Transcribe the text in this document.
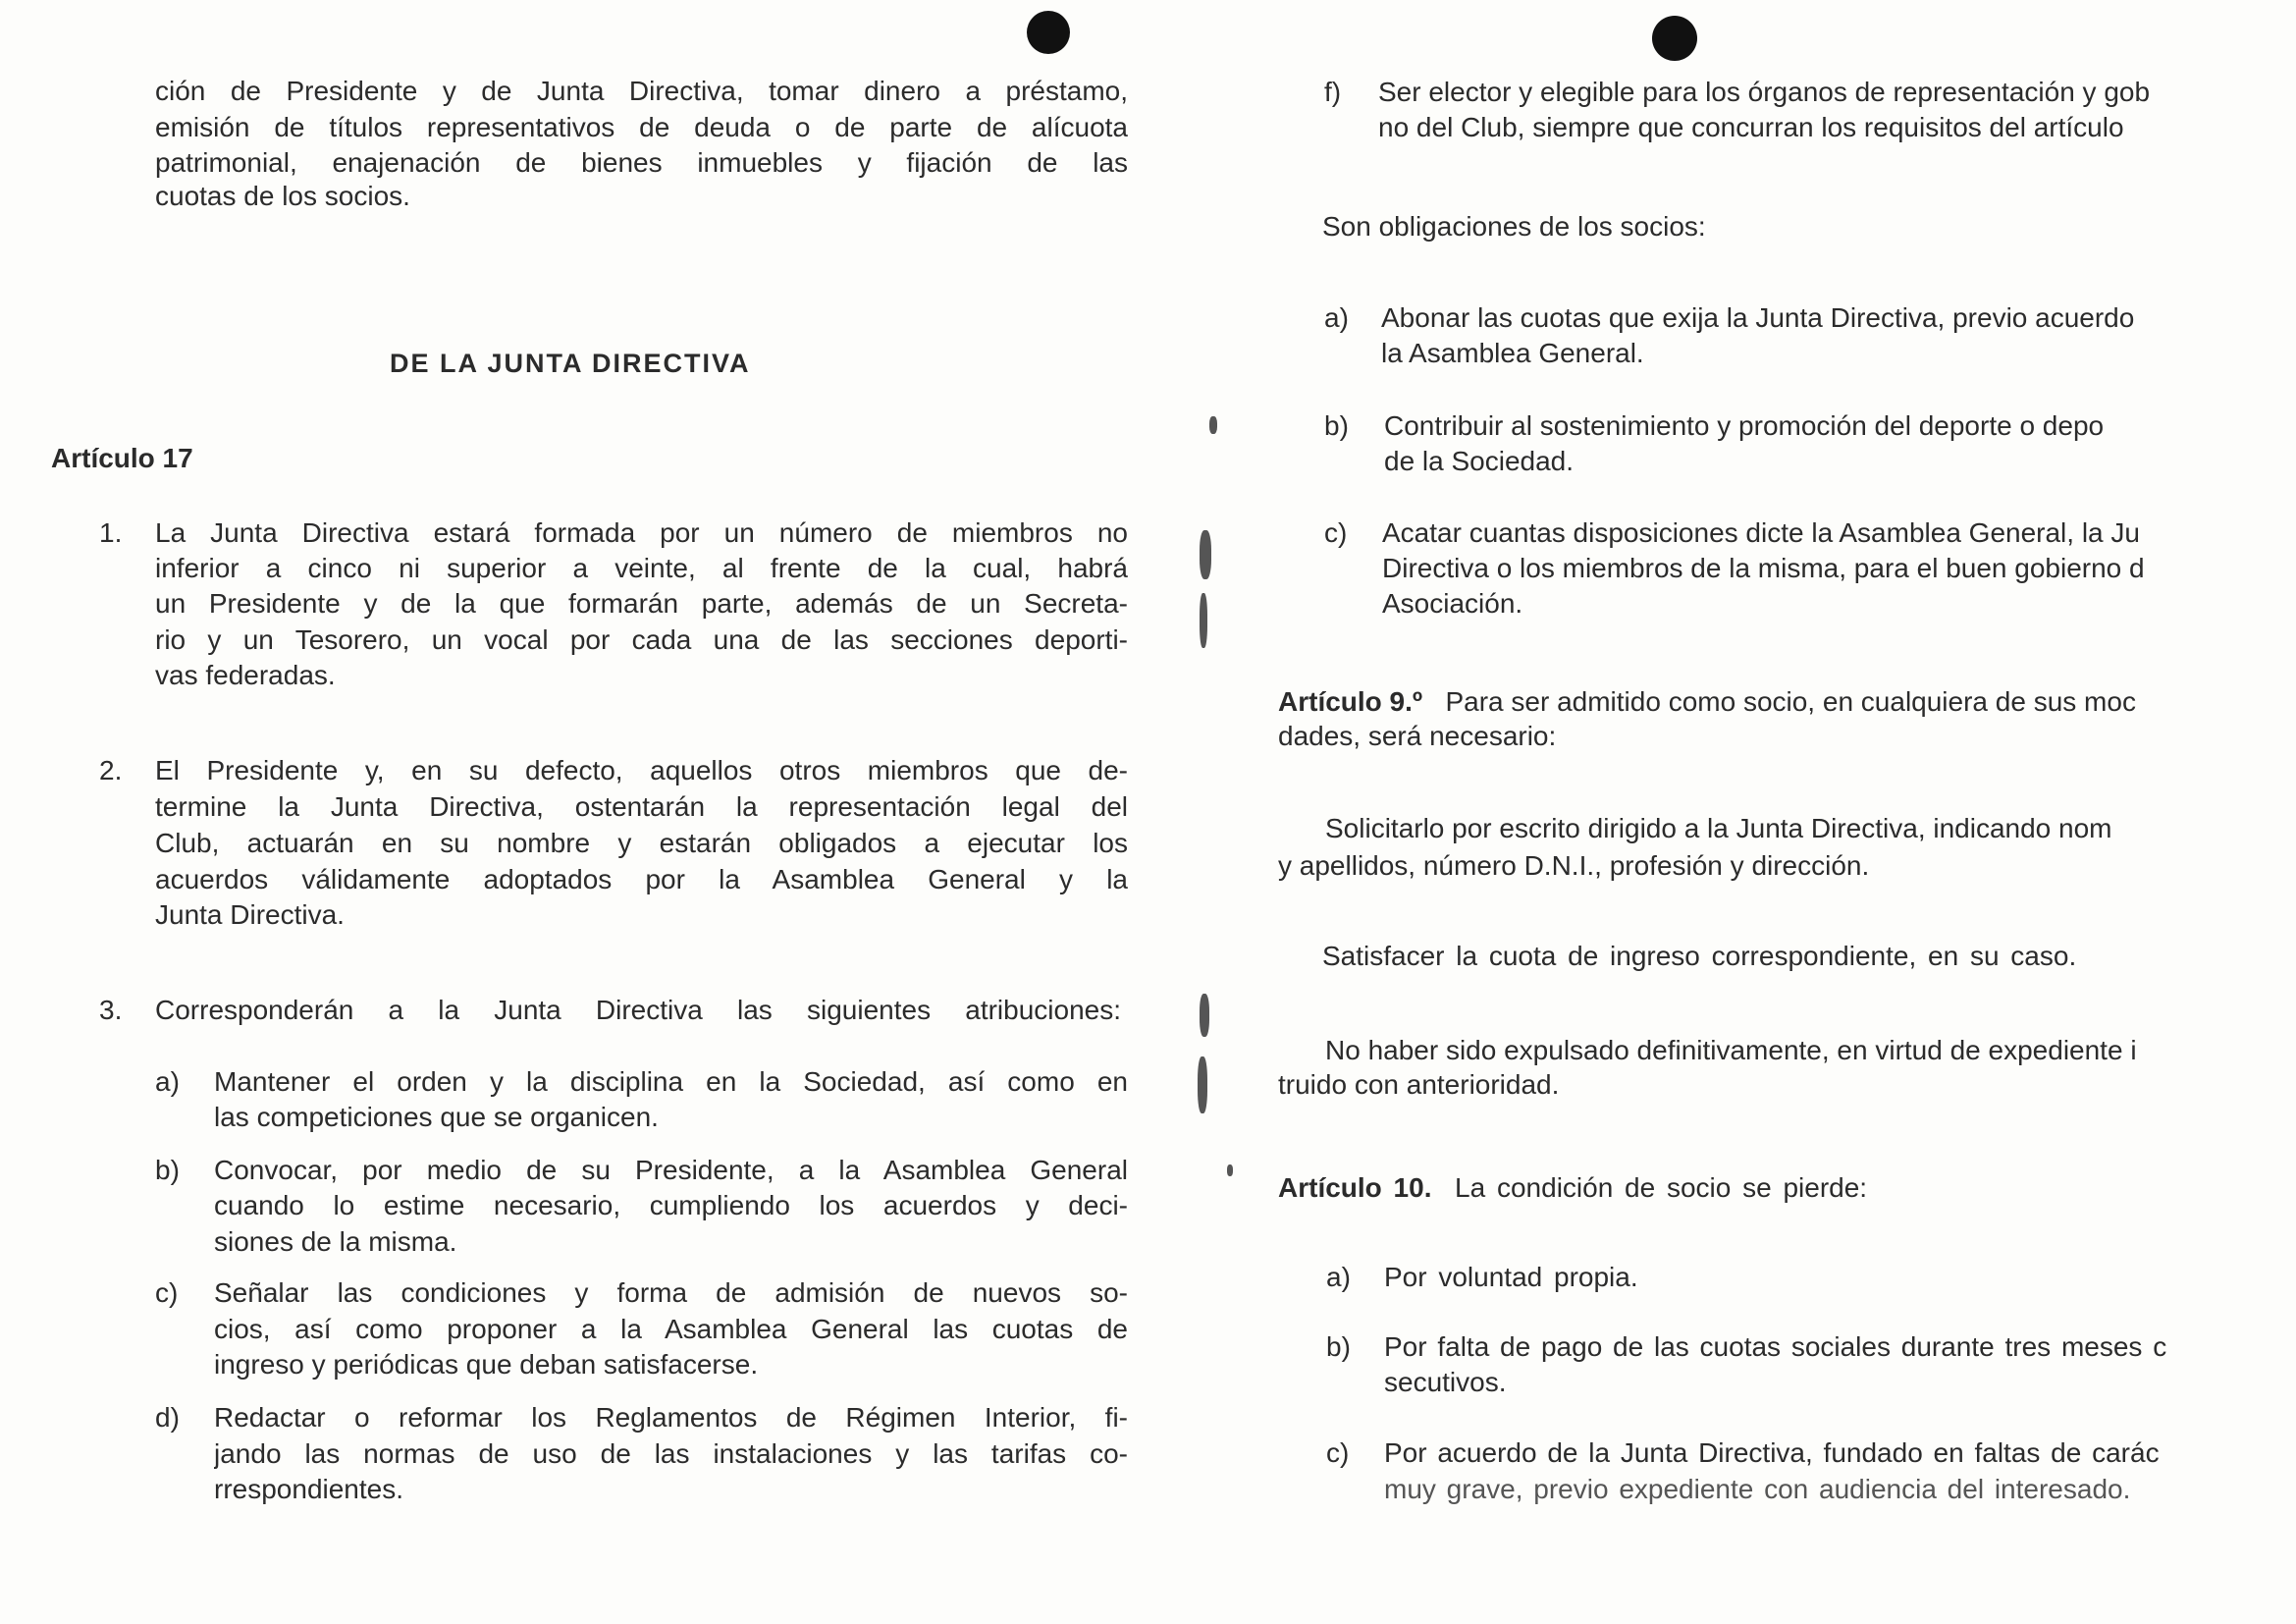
ción de Presidente y de Junta Directiva, tomar dinero a préstamo,
emisión de títulos representativos de deuda o de parte de alícuota
patrimonial, enajenación de bienes inmuebles y fijación de las
cuotas de los socios.
DE LA JUNTA DIRECTIVA
Artículo 17
1. La Junta Directiva estará formada por un número de miembros no
inferior a cinco ni superior a veinte, al frente de la cual, habrá
un Presidente y de la que formarán parte, además de un Secreta-
rio y un Tesorero, un vocal por cada una de las secciones deporti-
vas federadas.
2. El Presidente y, en su defecto, aquellos otros miembros que de-
termine la Junta Directiva, ostentarán la representación legal del
Club, actuarán en su nombre y estarán obligados a ejecutar los
acuerdos válidamente adoptados por la Asamblea General y la
Junta Directiva.
3. Corresponderán a la Junta Directiva las siguientes atribuciones:
a) Mantener el orden y la disciplina en la Sociedad, así como en
las competiciones que se organicen.
b) Convocar, por medio de su Presidente, a la Asamblea General
cuando lo estime necesario, cumpliendo los acuerdos y deci-
siones de la misma.
c) Señalar las condiciones y forma de admisión de nuevos so-
cios, así como proponer a la Asamblea General las cuotas de
ingreso y periódicas que deban satisfacerse.
d) Redactar o reformar los Reglamentos de Régimen Interior, fi-
jando las normas de uso de las instalaciones y las tarifas co-
rrespondientes.
f) Ser elector y elegible para los órganos de representación y gob
no del Club, siempre que concurran los requisitos del artículo
Son obligaciones de los socios:
a) Abonar las cuotas que exija la Junta Directiva, previo acuerdo
la Asamblea General.
b) Contribuir al sostenimiento y promoción del deporte o depo
de la Sociedad.
c) Acatar cuantas disposiciones dicte la Asamblea General, la Ju
Directiva o los miembros de la misma, para el buen gobierno d
Asociación.
Artículo 9.º Para ser admitido como socio, en cualquiera de sus moc
dades, será necesario:
Solicitarlo por escrito dirigido a la Junta Directiva, indicando nom
y apellidos, número D.N.I., profesión y dirección.
Satisfacer la cuota de ingreso correspondiente, en su caso.
No haber sido expulsado definitivamente, en virtud de expediente i
truido con anterioridad.
Artículo 10. La condición de socio se pierde:
a) Por voluntad propia.
b) Por falta de pago de las cuotas sociales durante tres meses c
secutivos.
c) Por acuerdo de la Junta Directiva, fundado en faltas de carác
muy grave, previo expediente con audiencia del interesado.
